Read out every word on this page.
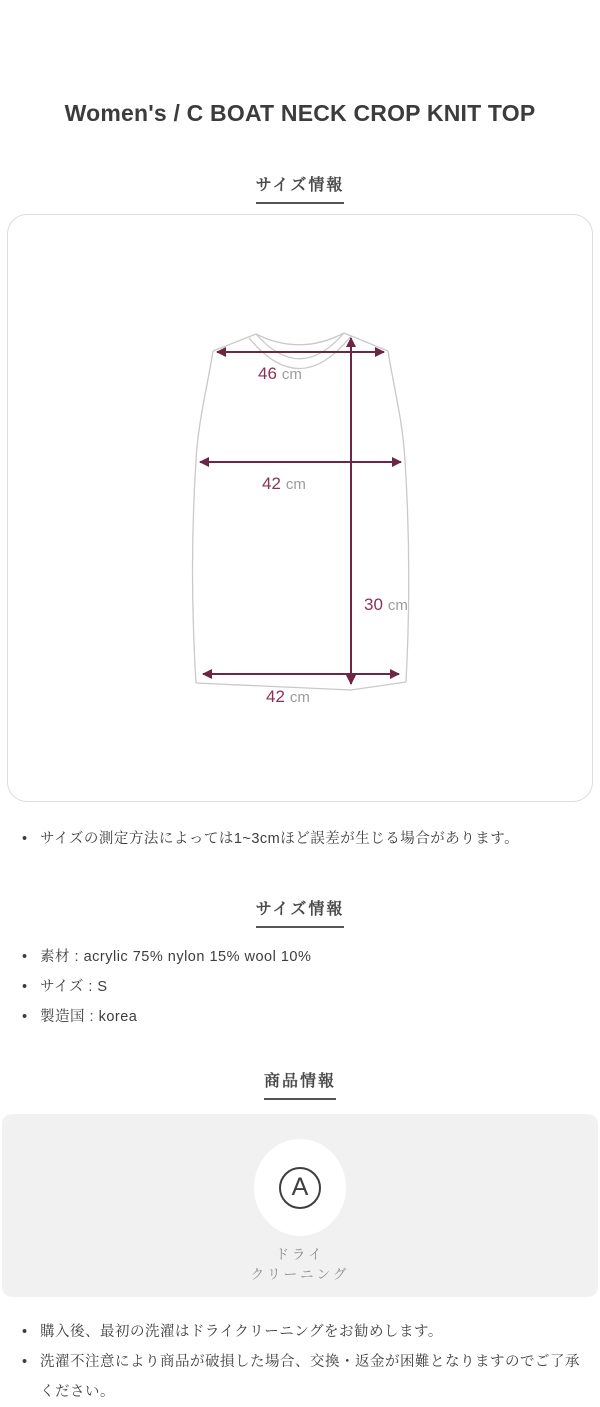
Women's / C BOAT NECK CROP KNIT TOP
サイズ情報
46 cm
42 cm
30 cm
42 cm
• サイズの測定方法によっては1~3cmほど誤差が生じる場合があります。
サイズ情報
• 素材 : acrylic 75% nylon 15% wool 10%
• サイズ : S
• 製造国 : korea
商品情報
A
ドライ
クリーニング
• 購入後、最初の洗濯はドライクリーニングをお勧めします。
• 洗濯不注意により商品が破損した場合、交換・返金が困難となりますのでご了承ください。
